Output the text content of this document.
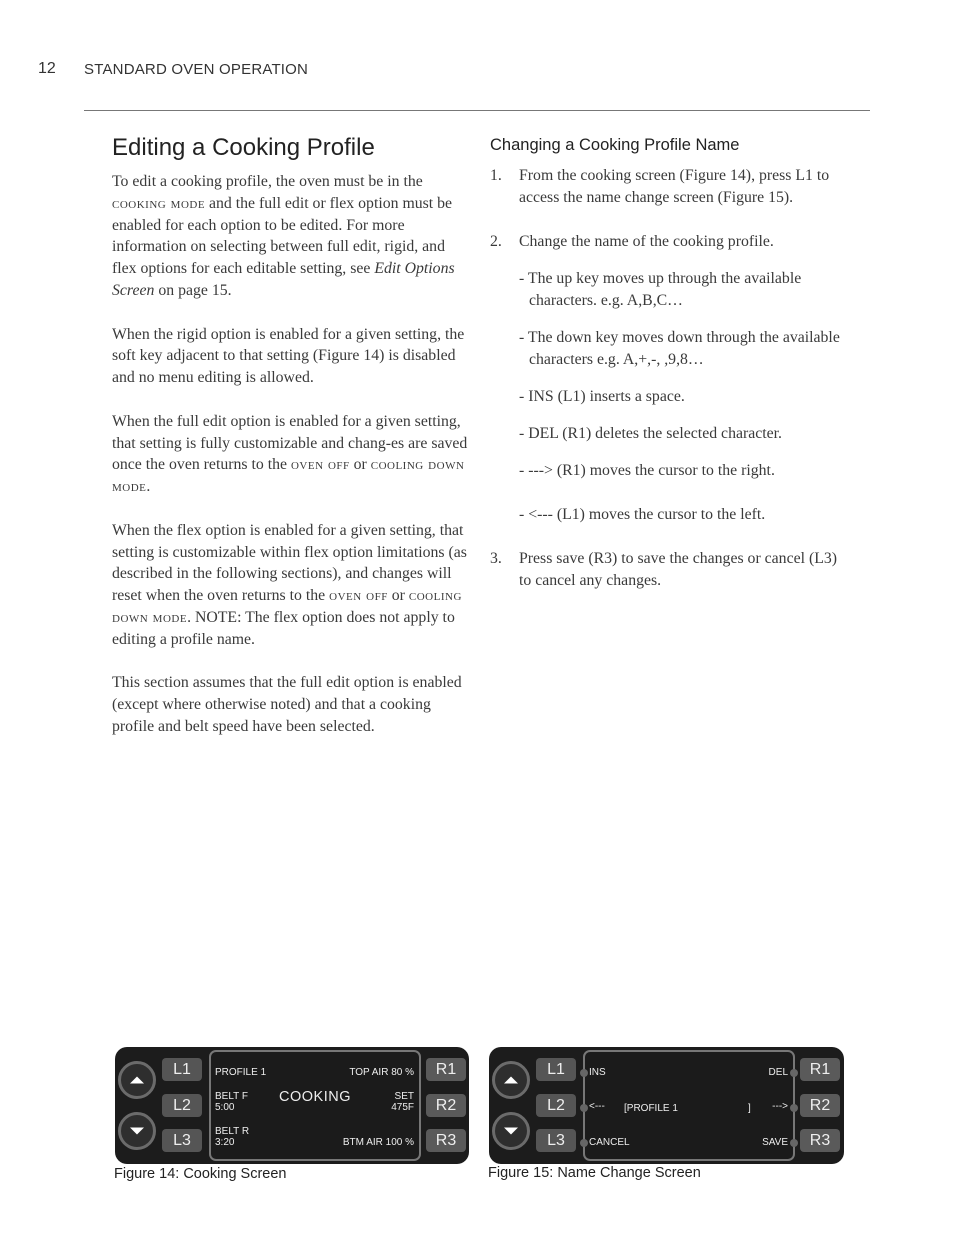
12 STANDARD OVEN OPERATION
Editing a Cooking Profile

To edit a cooking profile, the oven must be in the cooking mode and the full edit or flex option must be enabled for each option to be edited. For more information on selecting between full edit, rigid, and flex options for each editable setting, see Edit Options Screen on page 15.

When the rigid option is enabled for a given setting, the soft key adjacent to that setting (Figure 14) is disabled and no menu editing is allowed.

When the full edit option is enabled for a given setting, that setting is fully customizable and chang-es are saved once the oven returns to the oven off or cooling down mode.

When the flex option is enabled for a given setting, that setting is customizable within flex option limitations (as described in the following sections), and changes will reset when the oven returns to the oven off or cooling down mode. NOTE: The flex option does not apply to editing a profile name.

This section assumes that the full edit option is enabled (except where otherwise noted) and that a cooking profile and belt speed have been selected.

Changing a Cooking Profile Name
1. From the cooking screen (Figure 14), press L1 to access the name change screen (Figure 15).
2. Change the name of the cooking profile.
- The up key moves up through the available characters. e.g. A,B,C…
- The down key moves down through the available characters e.g. A,+,-, ,9,8…
- INS (L1) inserts a space.
- DEL (R1) deletes the selected character.
- ---> (R1) moves the cursor to the right.
- <--- (L1) moves the cursor to the left.
3. Press save (R3) to save the changes or cancel (L3) to cancel any changes.
L1
L2
L3
PROFILE 1	TOP AIR 80 %
BELT F
5:00
COOKING	SET
475F
BELT R
3:20	BTM AIR 100 %
R1
R2
R3
Figure 14: Cooking Screen
L1
L2
L3
INS	DEL
<--- [PROFILE 1	] --->
CANCEL	SAVE
R1
R2
R3
Figure 15: Name Change Screen
